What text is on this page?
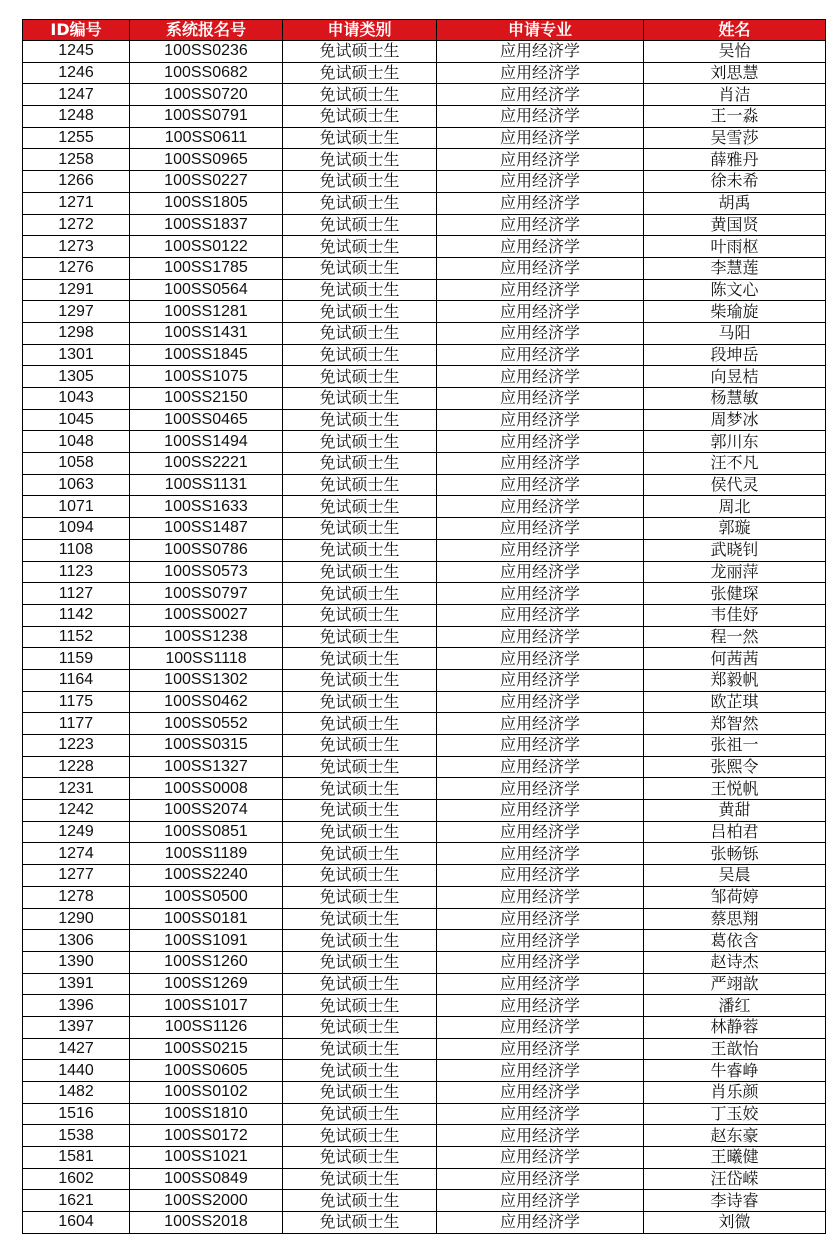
ID编号	系统报名号	申请类别	申请专业	姓名
1245	100SS0236	免试硕士生	应用经济学	吴怡
1246	100SS0682	免试硕士生	应用经济学	刘思慧
1247	100SS0720	免试硕士生	应用经济学	肖洁
1248	100SS0791	免试硕士生	应用经济学	王一淼
1255	100SS0611	免试硕士生	应用经济学	吴雪莎
1258	100SS0965	免试硕士生	应用经济学	薛雅丹
1266	100SS0227	免试硕士生	应用经济学	徐未希
1271	100SS1805	免试硕士生	应用经济学	胡禹
1272	100SS1837	免试硕士生	应用经济学	黄国贤
1273	100SS0122	免试硕士生	应用经济学	叶雨枢
1276	100SS1785	免试硕士生	应用经济学	李慧莲
1291	100SS0564	免试硕士生	应用经济学	陈文心
1297	100SS1281	免试硕士生	应用经济学	柴瑜旋
1298	100SS1431	免试硕士生	应用经济学	马阳
1301	100SS1845	免试硕士生	应用经济学	段坤岳
1305	100SS1075	免试硕士生	应用经济学	向昱桔
1043	100SS2150	免试硕士生	应用经济学	杨慧敏
1045	100SS0465	免试硕士生	应用经济学	周梦冰
1048	100SS1494	免试硕士生	应用经济学	郭川东
1058	100SS2221	免试硕士生	应用经济学	汪不凡
1063	100SS1131	免试硕士生	应用经济学	侯代灵
1071	100SS1633	免试硕士生	应用经济学	周北
1094	100SS1487	免试硕士生	应用经济学	郭璇
1108	100SS0786	免试硕士生	应用经济学	武晓钊
1123	100SS0573	免试硕士生	应用经济学	龙丽萍
1127	100SS0797	免试硕士生	应用经济学	张健琛
1142	100SS0027	免试硕士生	应用经济学	韦佳妤
1152	100SS1238	免试硕士生	应用经济学	程一然
1159	100SS1118	免试硕士生	应用经济学	何茜茜
1164	100SS1302	免试硕士生	应用经济学	郑毅帆
1175	100SS0462	免试硕士生	应用经济学	欧芷琪
1177	100SS0552	免试硕士生	应用经济学	郑智然
1223	100SS0315	免试硕士生	应用经济学	张祖一
1228	100SS1327	免试硕士生	应用经济学	张熙令
1231	100SS0008	免试硕士生	应用经济学	王悦帆
1242	100SS2074	免试硕士生	应用经济学	黄甜
1249	100SS0851	免试硕士生	应用经济学	吕柏君
1274	100SS1189	免试硕士生	应用经济学	张畅铄
1277	100SS2240	免试硕士生	应用经济学	吴晨
1278	100SS0500	免试硕士生	应用经济学	邹荷婷
1290	100SS0181	免试硕士生	应用经济学	蔡思翔
1306	100SS1091	免试硕士生	应用经济学	葛依含
1390	100SS1260	免试硕士生	应用经济学	赵诗杰
1391	100SS1269	免试硕士生	应用经济学	严翊歆
1396	100SS1017	免试硕士生	应用经济学	潘红
1397	100SS1126	免试硕士生	应用经济学	林静蓉
1427	100SS0215	免试硕士生	应用经济学	王歆怡
1440	100SS0605	免试硕士生	应用经济学	牛睿峥
1482	100SS0102	免试硕士生	应用经济学	肖乐颜
1516	100SS1810	免试硕士生	应用经济学	丁玉姣
1538	100SS0172	免试硕士生	应用经济学	赵东豪
1581	100SS1021	免试硕士生	应用经济学	王曦健
1602	100SS0849	免试硕士生	应用经济学	汪岱嵘
1621	100SS2000	免试硕士生	应用经济学	李诗睿
1604	100SS2018	免试硕士生	应用经济学	刘微
